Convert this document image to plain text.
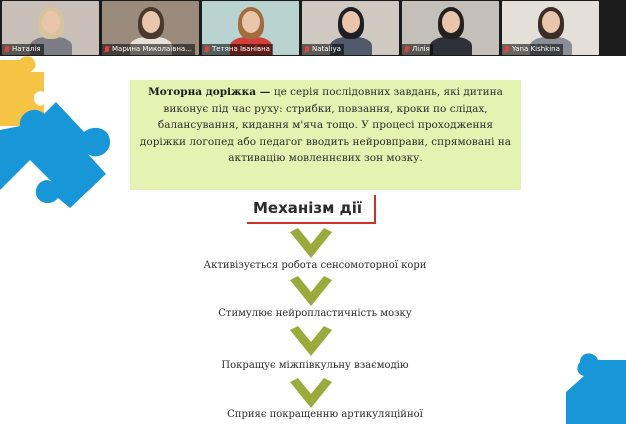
Наталія	Марина Миколаївна...	Тетяна Іванівна	Nataliya	Лілія	Yana Kishkina
Моторна доріжка — це серія послідовних завдань, які дитина виконує під час руху: стрибки, повзання, кроки по слідах, балансування, кидання м'яча тощо. У процесі проходження доріжки логопед або педагог вводить нейровправи, спрямовані на активацію мовленнєвих зон мозку.
Механізм дії
Активізується робота сенсомоторної кори
Стимулює нейропластичність мозку
Покращує міжпівкульну взаємодію
Сприяє покращенню артикуляційної
